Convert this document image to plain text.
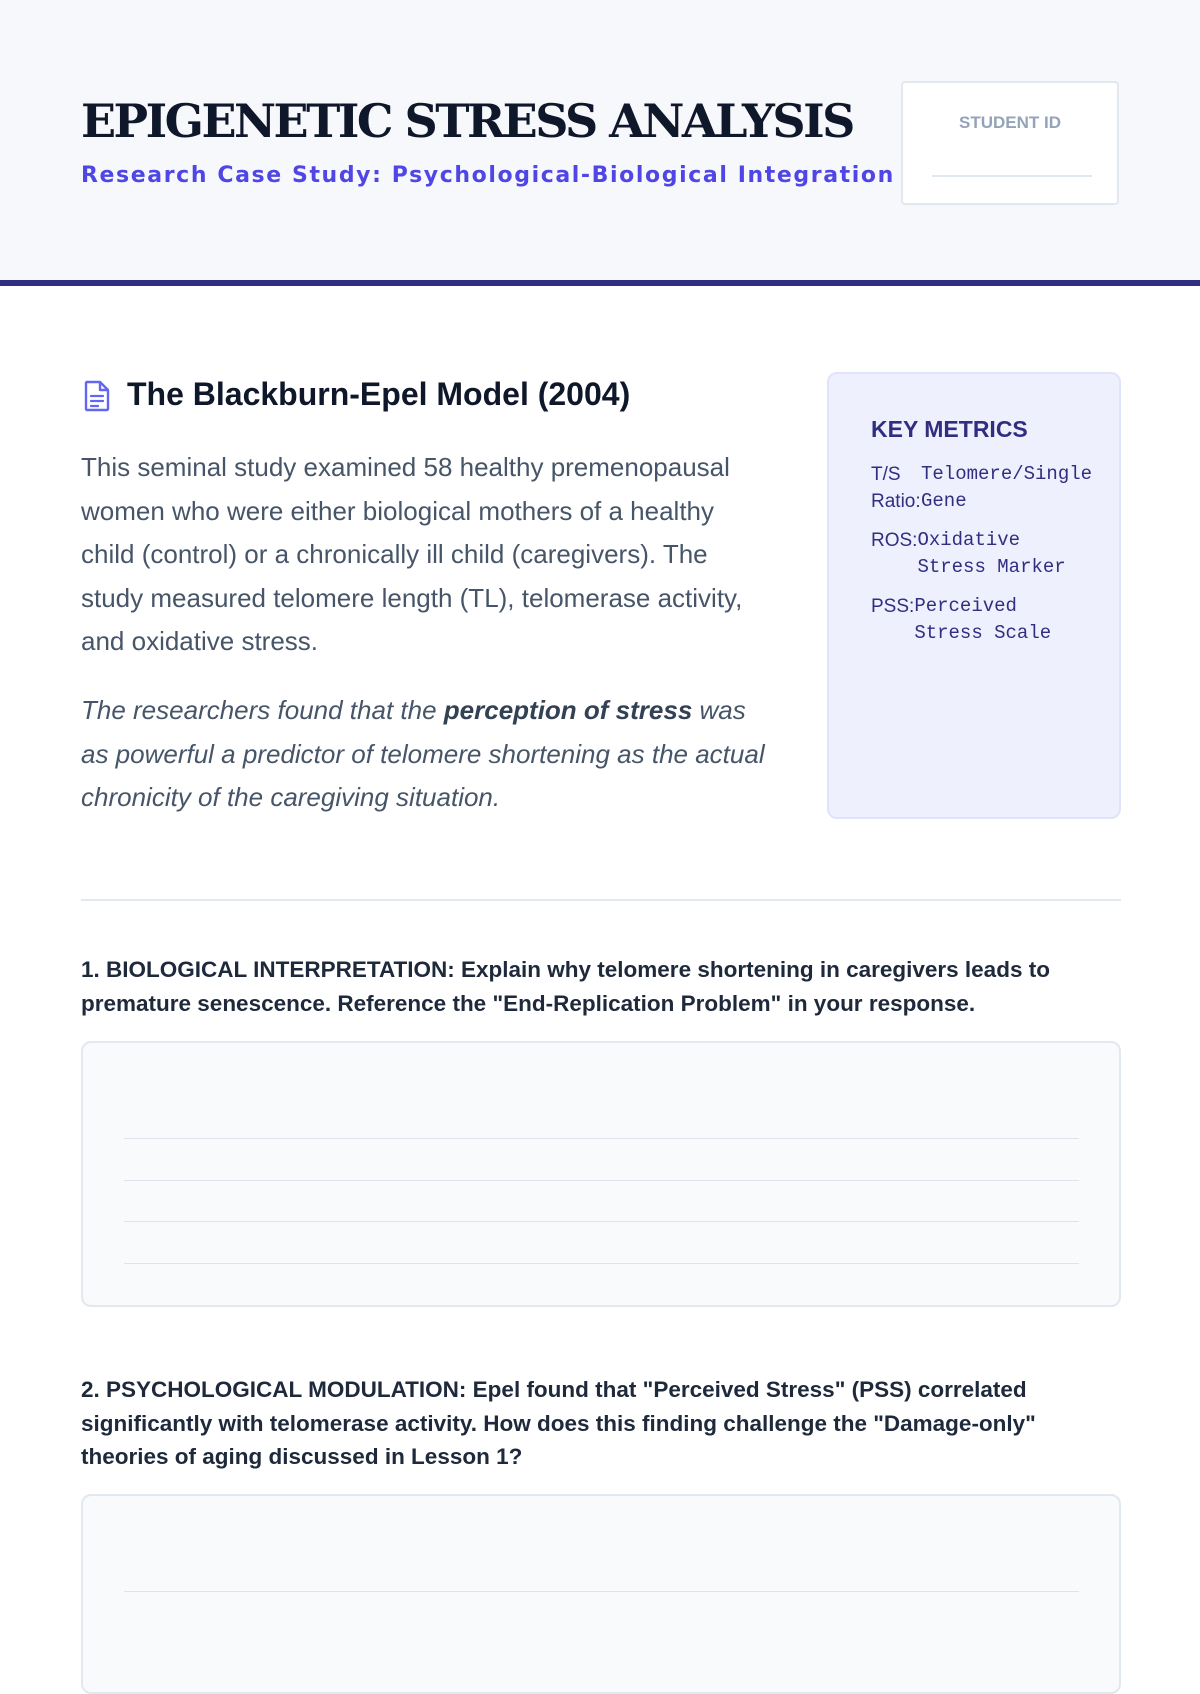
EPIGENETIC STRESS ANALYSIS
Research Case Study: Psychological-Biological Integration
STUDENT ID
The Blackburn-Epel Model (2004)

This seminal study examined 58 healthy premenopausal women who were either biological mothers of a healthy child (control) or a chronically ill child (caregivers). The study measured telomere length (TL), telomerase activity, and oxidative stress.

The researchers found that the perception of stress was as powerful a predictor of telomere shortening as the actual chronicity of the caregiving situation.

KEY METRICS
T/S Ratio:
Telomere/Single Gene
ROS: Oxidative Stress Marker
PSS: Perceived Stress Scale

1. BIOLOGICAL INTERPRETATION: Explain why telomere shortening in caregivers leads to premature senescence. Reference the "End-Replication Problem" in your response.

2. PSYCHOLOGICAL MODULATION: Epel found that "Perceived Stress" (PSS) correlated significantly with telomerase activity. How does this finding challenge the "Damage-only" theories of aging discussed in Lesson 1?
